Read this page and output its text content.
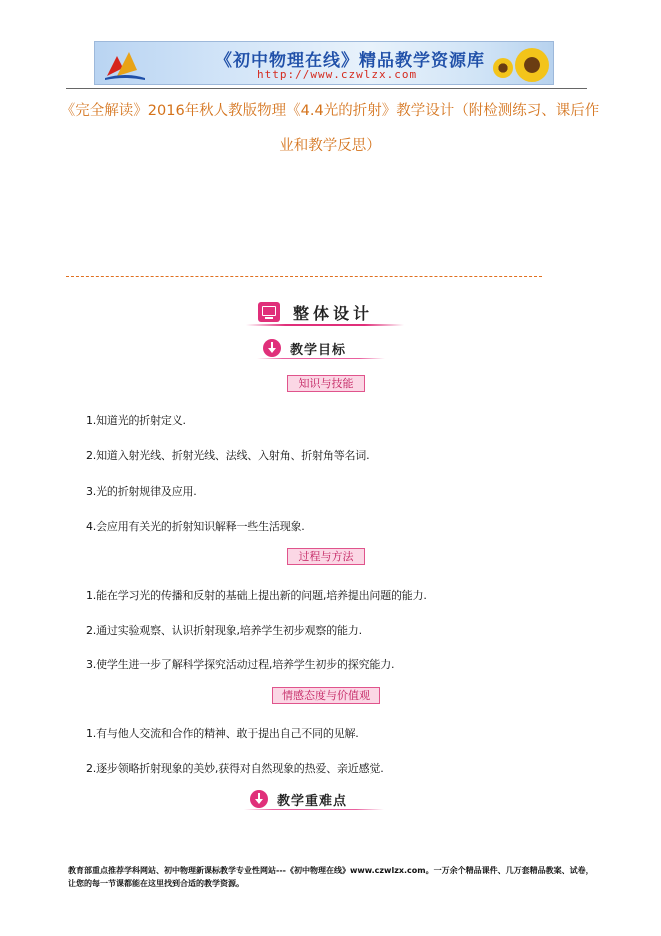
《初中物理在线》精品教学资源库
http://www.czwlzx.com
《完全解读》2016年秋人教版物理《4.4光的折射》教学设计（附检测练习、课后作业和教学反思）
整体设计
教学目标
知识与技能
1.知道光的折射定义.
2.知道入射光线、折射光线、法线、入射角、折射角等名词.
3.光的折射规律及应用.
4.会应用有关光的折射知识解释一些生活现象.
过程与方法
1.能在学习光的传播和反射的基础上提出新的问题,培养提出问题的能力.
2.通过实验观察、认识折射现象,培养学生初步观察的能力.
3.使学生进一步了解科学探究活动过程,培养学生初步的探究能力.
情感态度与价值观
1.有与他人交流和合作的精神、敢于提出自己不同的见解.
2.逐步领略折射现象的美妙,获得对自然现象的热爱、亲近感觉.
教学重难点
教育部重点推荐学科网站、初中物理新课标教学专业性网站---《初中物理在线》www.czwlzx.com。一万余个精品课件、几万套精品教案、试卷，让您的每一节课都能在这里找到合适的教学资源。
